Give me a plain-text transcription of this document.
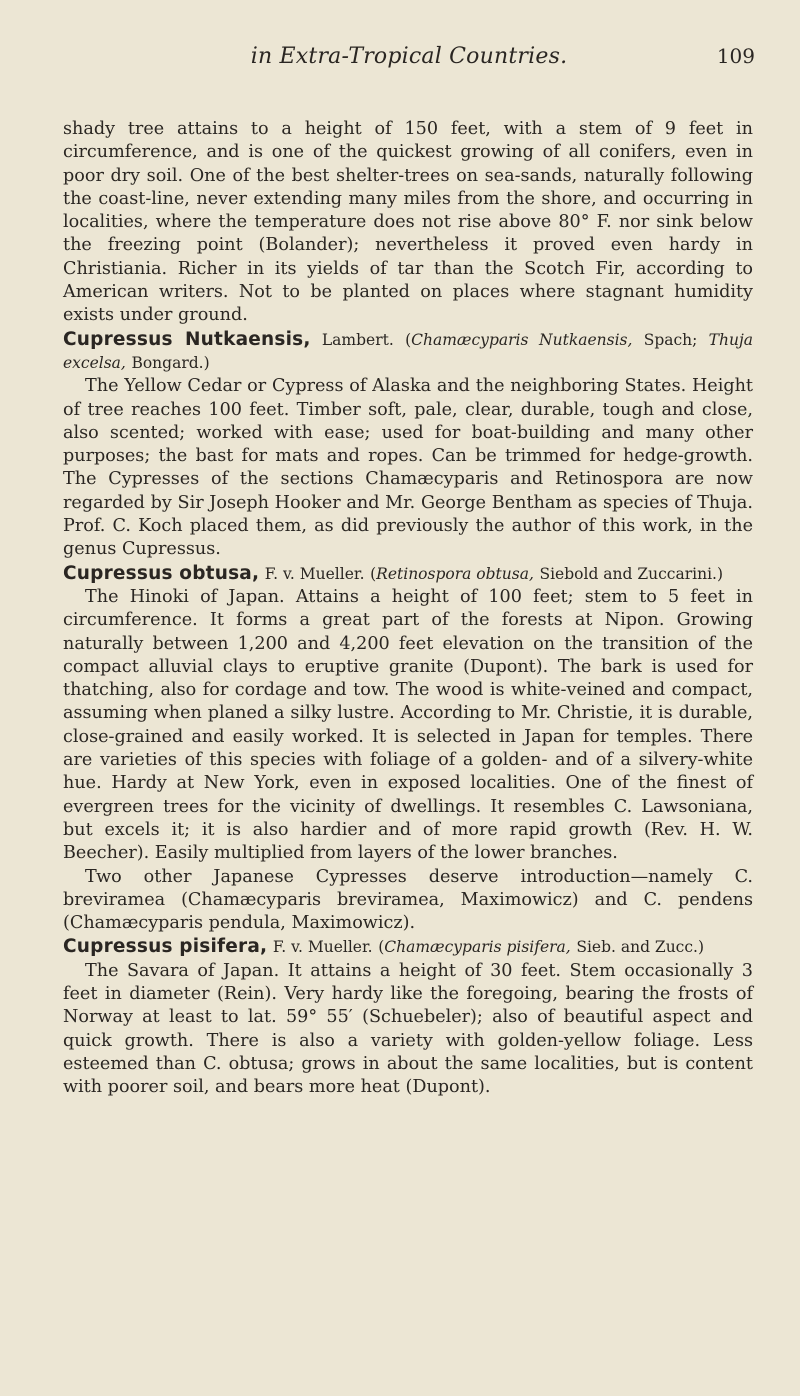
in Extra-Tropical Countries.	109

shady tree attains to a height of 150 feet, with a stem of 9 feet in circumference, and is one of the quickest growing of all conifers, even in poor dry soil. One of the best shelter-trees on sea-sands, naturally following the coast-line, never extending many miles from the shore, and occurring in localities, where the temperature does not rise above 80° F. nor sink below the freezing point (Bolander); nevertheless it proved even hardy in Christiania. Richer in its yields of tar than the Scotch Fir, according to American writers. Not to be planted on places where stagnant humidity exists under ground.

Cupressus Nutkaensis, Lambert. (Chamæcyparis Nutkaensis, Spach; Thuja excelsa, Bongard.)

The Yellow Cedar or Cypress of Alaska and the neighboring States. Height of tree reaches 100 feet. Timber soft, pale, clear, durable, tough and close, also scented; worked with ease; used for boat-building and many other purposes; the bast for mats and ropes. Can be trimmed for hedge-growth. The Cypresses of the sections Chamæcyparis and Retinospora are now regarded by Sir Joseph Hooker and Mr. George Bentham as species of Thuja. Prof. C. Koch placed them, as did previously the author of this work, in the genus Cupressus.

Cupressus obtusa, F. v. Mueller. (Retinospora obtusa, Siebold and Zuccarini.)

The Hinoki of Japan. Attains a height of 100 feet; stem to 5 feet in circumference. It forms a great part of the forests at Nipon. Growing naturally between 1,200 and 4,200 feet elevation on the transition of the compact alluvial clays to eruptive granite (Dupont). The bark is used for thatching, also for cordage and tow. The wood is white-veined and compact, assuming when planed a silky lustre. According to Mr. Christie, it is durable, close-grained and easily worked. It is selected in Japan for temples. There are varieties of this species with foliage of a golden- and of a silvery-white hue. Hardy at New York, even in exposed localities. One of the finest of evergreen trees for the vicinity of dwellings. It resembles C. Lawsoniana, but excels it; it is also hardier and of more rapid growth (Rev. H. W. Beecher). Easily multiplied from layers of the lower branches.

Two other Japanese Cypresses deserve introduction—namely C. breviramea (Chamæcyparis breviramea, Maximowicz) and C. pendens (Chamæcyparis pendula, Maximowicz).

Cupressus pisifera, F. v. Mueller. (Chamæcyparis pisifera, Sieb. and Zucc.)

The Savara of Japan. It attains a height of 30 feet. Stem occasionally 3 feet in diameter (Rein). Very hardy like the foregoing, bearing the frosts of Norway at least to lat. 59° 55′ (Schuebeler); also of beautiful aspect and quick growth. There is also a variety with golden-yellow foliage. Less esteemed than C. obtusa; grows in about the same localities, but is content with poorer soil, and bears more heat (Dupont).
